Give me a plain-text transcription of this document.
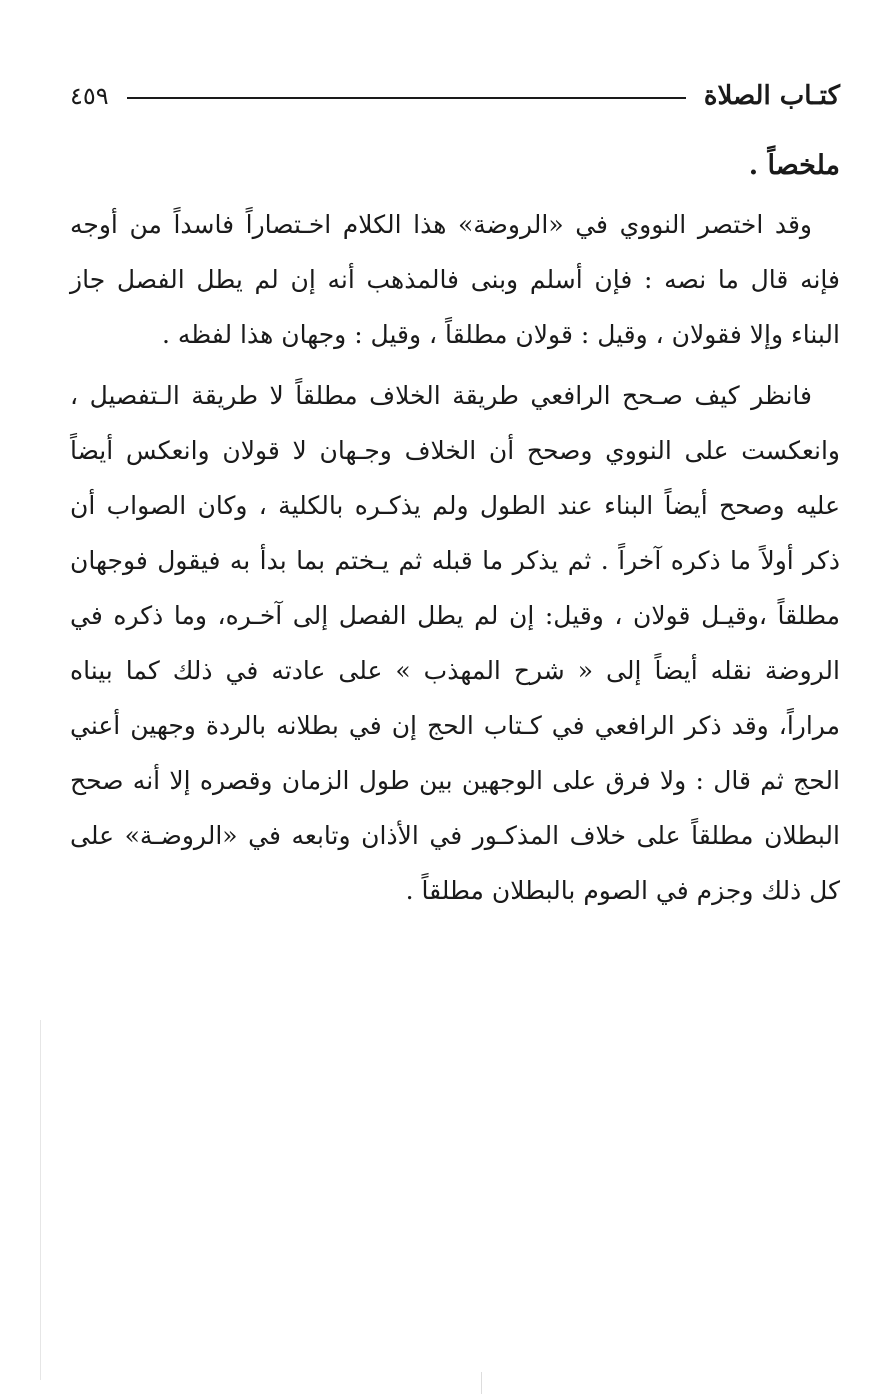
كتـاب الصلاة
٤٥٩

ملخصاً .

وقد اختصر النووي في «الروضة» هذا الكلام اخـتصاراً فاسداً من أوجه فإنه قال ما نصه : فإن أسلم وبنى فالمذهب أنه إن لم يطل الفصل جاز البناء وإلا فقولان ، وقيل : قولان مطلقاً ، وقيل : وجهان هذا لفظه .

فانظر كيف صـحح الرافعي طريقة الخلاف مطلقاً لا طريقة الـتفصيل ، وانعكست على النووي وصحح أن الخلاف وجـهان لا قولان وانعكس أيضاً عليه وصحح أيضاً البناء عند الطول ولم يذكـره بالكلية ، وكان الصواب أن ذكر أولاً ما ذكره آخراً . ثم يذكر ما قبله ثم يـختم بما بدأ به فيقول فوجهان مطلقاً ،وقيـل قولان ، وقيل: إن لم يطل الفصل إلى آخـره، وما ذكره في الروضة نقله أيضاً إلى « شرح المهذب » على عادته في ذلك كما بيناه مراراً، وقد ذكر الرافعي في كـتاب الحج إن في بطلانه بالردة وجهين أعني الحج ثم قال : ولا فرق على الوجهين بين طول الزمان وقصره إلا أنه صحح البطلان مطلقاً على خلاف المذكـور في الأذان وتابعه في «الروضـة» على كل ذلك وجزم في الصوم بالبطلان مطلقاً .
